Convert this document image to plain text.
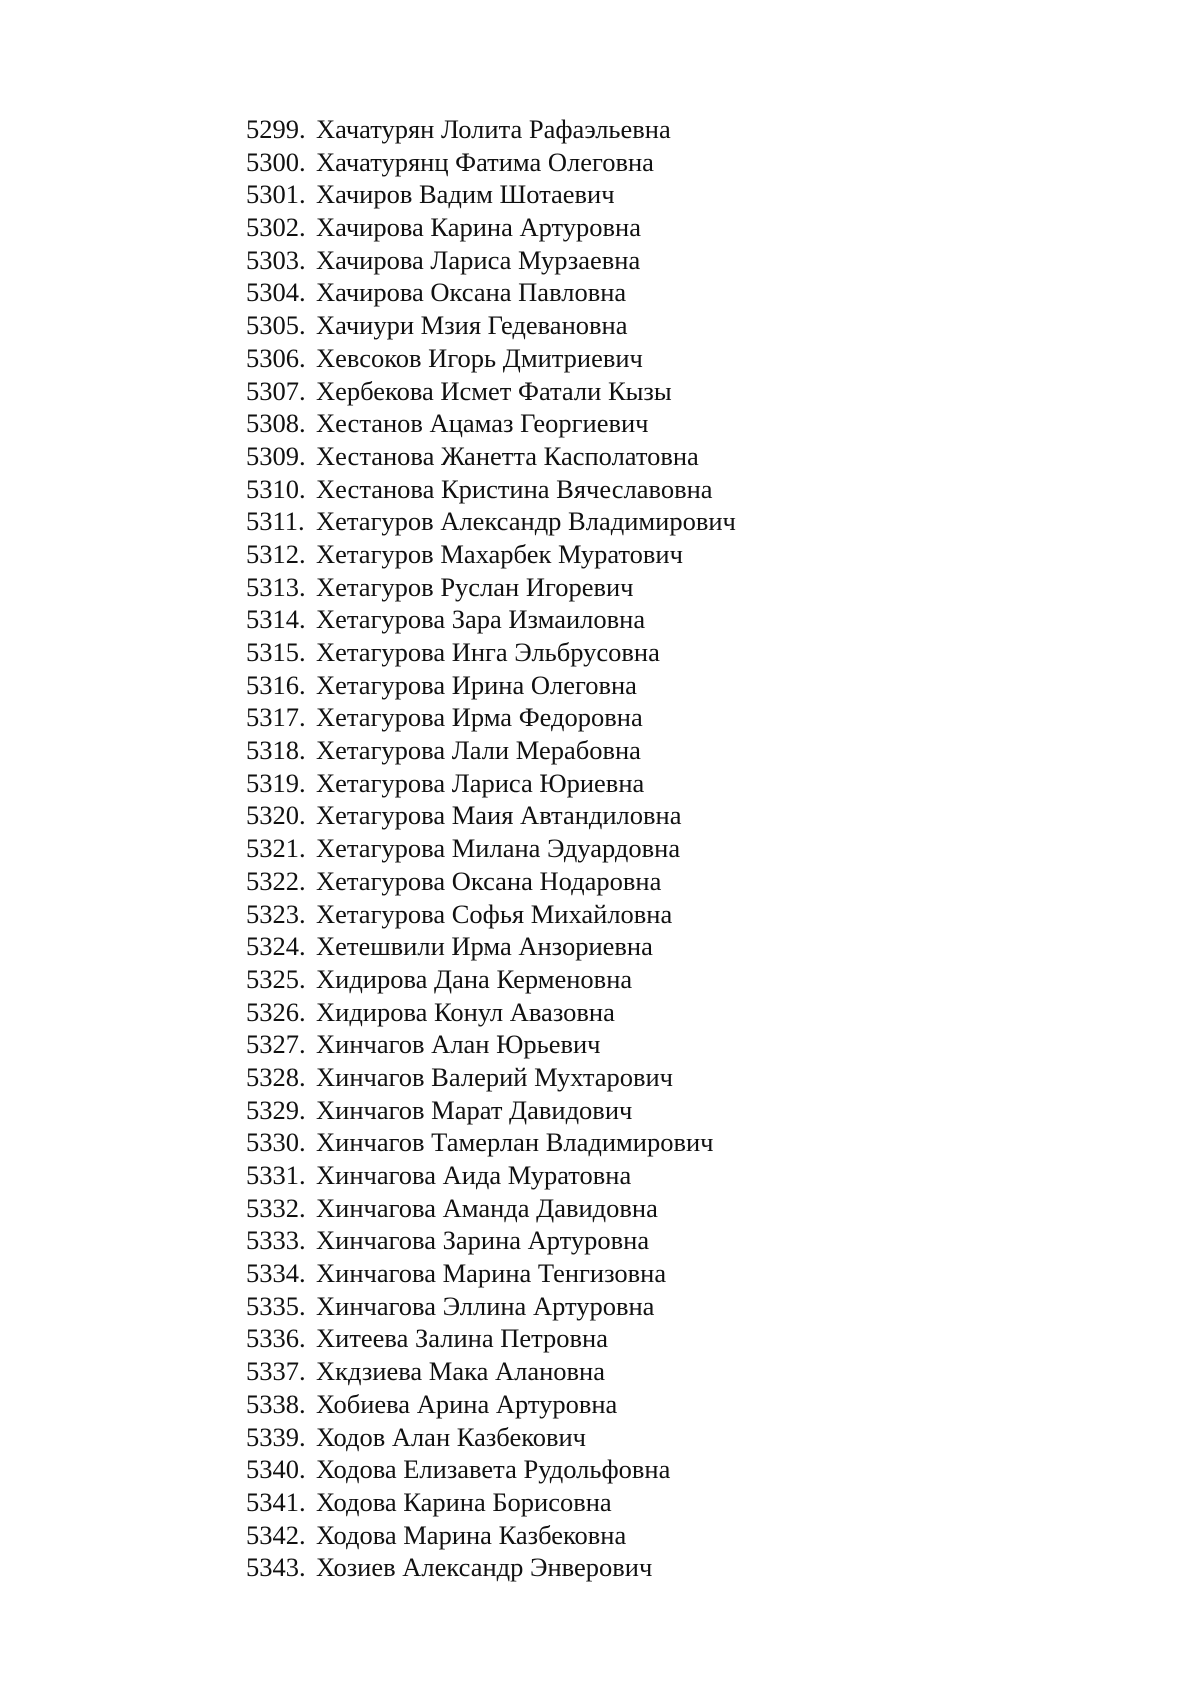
5299. Хачатурян Лолита Рафаэльевна
5300. Хачатурянц Фатима Олеговна
5301. Хачиров Вадим Шотаевич
5302. Хачирова Карина Артуровна
5303. Хачирова Лариса Мурзаевна
5304. Хачирова Оксана Павловна
5305. Хачиури Мзия Гедевановна
5306. Хевсоков Игорь Дмитриевич
5307. Хербекова Исмет Фатали Кызы
5308. Хестанов Ацамаз Георгиевич
5309. Хестанова Жанетта Касполатовна
5310. Хестанова Кристина Вячеславовна
5311. Хетагуров Александр Владимирович
5312. Хетагуров Махарбек Муратович
5313. Хетагуров Руслан Игоревич
5314. Хетагурова Зара Измаиловна
5315. Хетагурова Инга Эльбрусовна
5316. Хетагурова Ирина Олеговна
5317. Хетагурова Ирма Федоровна
5318. Хетагурова Лали Мерабовна
5319. Хетагурова Лариса Юриевна
5320. Хетагурова Маия Автандиловна
5321. Хетагурова Милана Эдуардовна
5322. Хетагурова Оксана Нодаровна
5323. Хетагурова Софья Михайловна
5324. Хетешвили Ирма Анзориевна
5325. Хидирова Дана Керменовна
5326. Хидирова Конул Авазовна
5327. Хинчагов Алан Юрьевич
5328. Хинчагов Валерий Мухтарович
5329. Хинчагов Марат Давидович
5330. Хинчагов Тамерлан Владимирович
5331. Хинчагова Аида Муратовна
5332. Хинчагова Аманда Давидовна
5333. Хинчагова Зарина Артуровна
5334. Хинчагова Марина Тенгизовна
5335. Хинчагова Эллина Артуровна
5336. Хитеева Залина Петровна
5337. Хкдзиева Мака Алановна
5338. Хобиева Арина Артуровна
5339. Ходов Алан Казбекович
5340. Ходова Елизавета Рудольфовна
5341. Ходова Карина Борисовна
5342. Ходова Марина Казбековна
5343. Хозиев Александр Энверович
